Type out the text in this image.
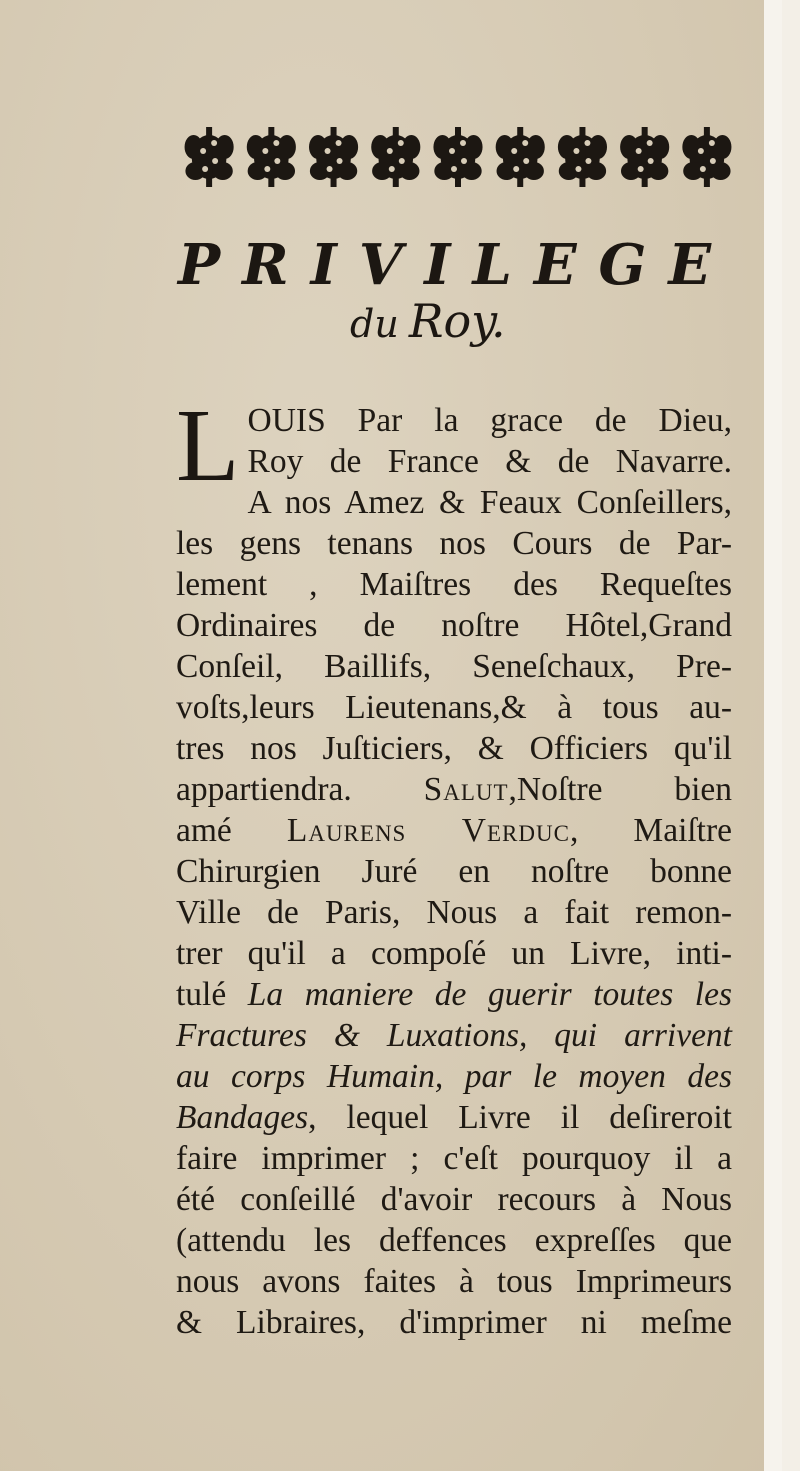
PRIVILEGE
du Roy.
L OUIS Par la grace de Dieu,
Roy de France & de Navarre.
A nos Amez & Feaux Conſeillers,
les gens tenans nos Cours de Par-
lement , Maiſtres des Requeſtes
Ordinaires de noſtre Hôtel,Grand
Conſeil, Baillifs, Seneſchaux, Pre-
voſts,leurs Lieutenans,& à tous au-
tres nos Juſticiers, & Officiers qu'il
appartiendra. Salut,Noſtre bien
amé Laurens Verduc, Maiſtre
Chirurgien Juré en noſtre bonne
Ville de Paris, Nous a fait remon-
trer qu'il a compoſé un Livre, inti-
tulé La maniere de guerir toutes les
Fractures & Luxations, qui arrivent
au corps Humain, par le moyen des
Bandages, lequel Livre il deſireroit
faire imprimer ; c'eſt pourquoy il a
été conſeillé d'avoir recours à Nous
(attendu les deffences expreſſes que
nous avons faites à tous Imprimeurs
& Libraires, d'imprimer ni meſme
